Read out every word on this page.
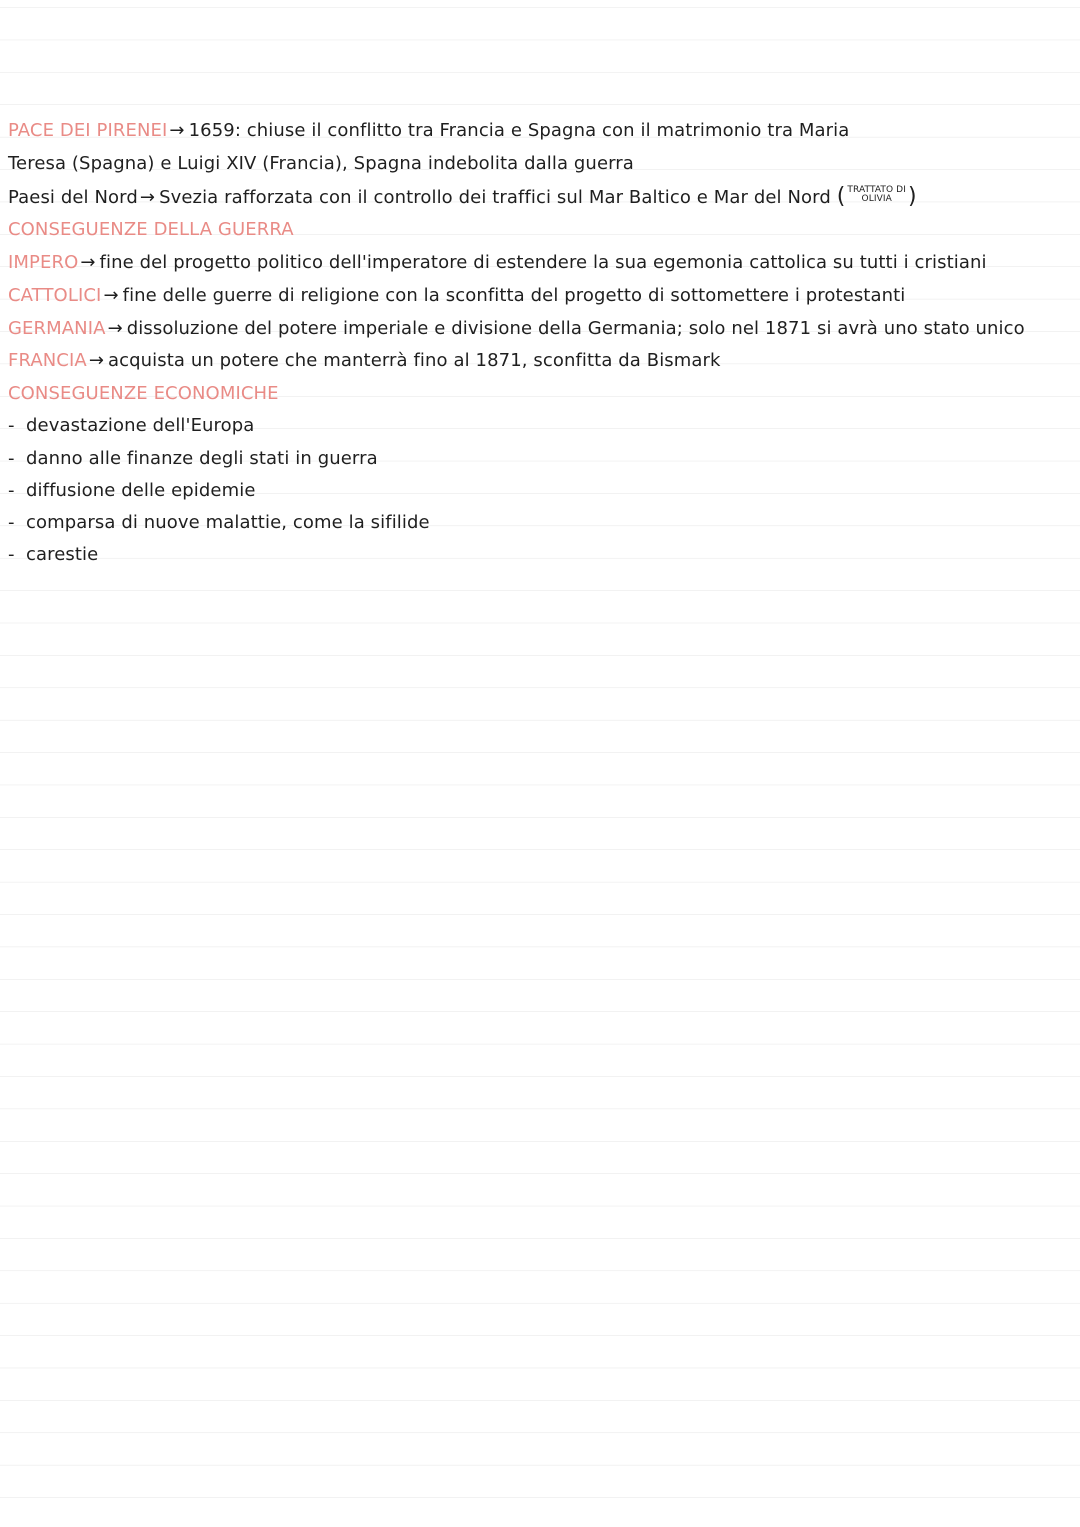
PACE DEI PIRENEI → 1659: chiuse il conflitto tra Francia e Spagna con il matrimonio tra Maria
Teresa (Spagna) e Luigi XIV (Francia), Spagna indebolita dalla guerra
Paesi del Nord → Svezia rafforzata con il controllo dei traffici sul Mar Baltico e Mar del Nord ( TRATTATO DI
OLIVIA )
CONSEGUENZE DELLA GUERRA
IMPERO → fine del progetto politico dell'imperatore di estendere la sua egemonia cattolica su tutti i cristiani
CATTOLICI → fine delle guerre di religione con la sconfitta del progetto di sottomettere i protestanti
GERMANIA → dissoluzione del potere imperiale e divisione della Germania; solo nel 1871 si avrà uno stato unico
FRANCIA → acquista un potere che manterrà fino al 1871, sconfitta da Bismark
CONSEGUENZE ECONOMICHE
- devastazione dell'Europa
- danno alle finanze degli stati in guerra
- diffusione delle epidemie
- comparsa di nuove malattie, come la sifilide
- carestie
